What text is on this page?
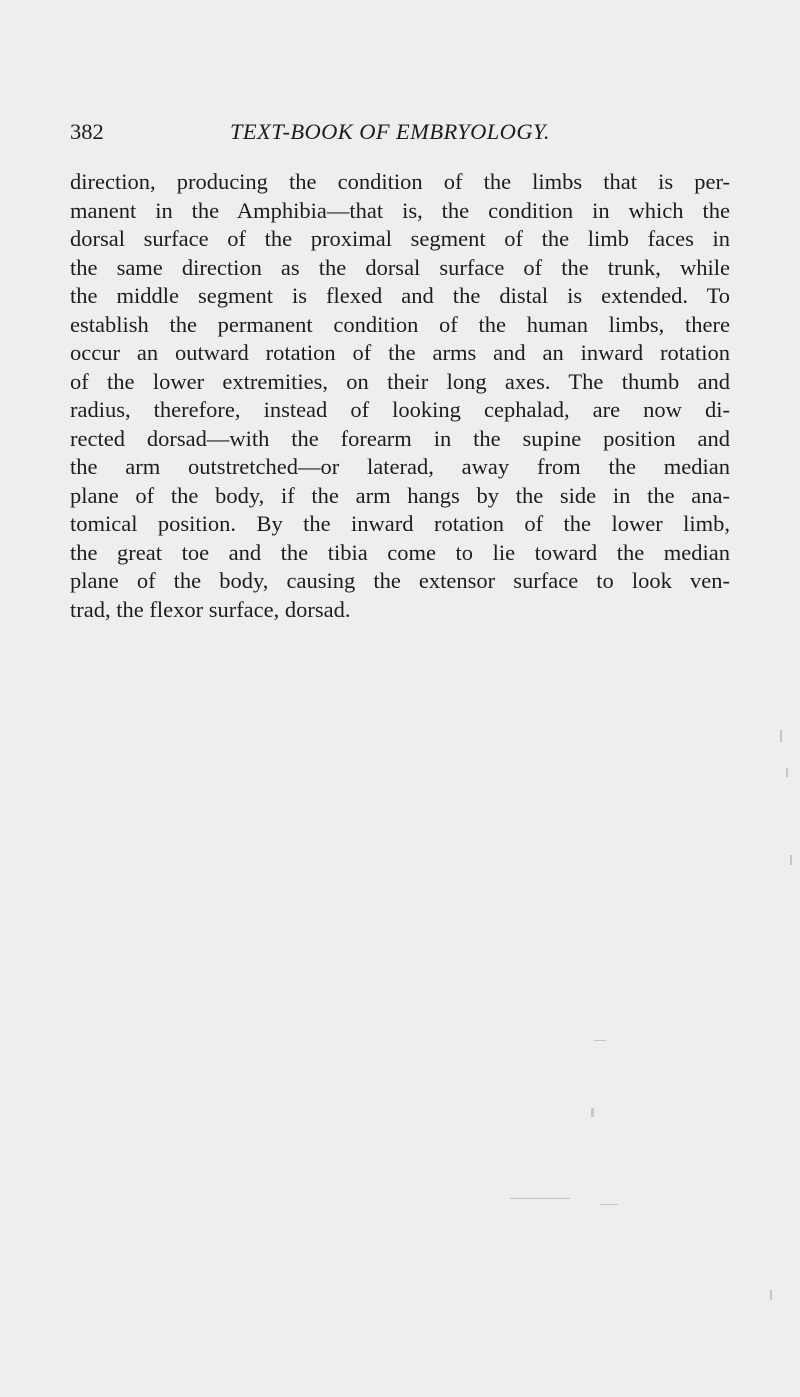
382	TEXT-BOOK OF EMBRYOLOGY.
direction, producing the condition of the limbs that is per-
manent in the Amphibia—that is, the condition in which the
dorsal surface of the proximal segment of the limb faces in
the same direction as the dorsal surface of the trunk, while
the middle segment is flexed and the distal is extended. To
establish the permanent condition of the human limbs, there
occur an outward rotation of the arms and an inward rotation
of the lower extremities, on their long axes. The thumb and
radius, therefore, instead of looking cephalad, are now di-
rected dorsad—with the forearm in the supine position and
the arm outstretched—or laterad, away from the median
plane of the body, if the arm hangs by the side in the ana-
tomical position. By the inward rotation of the lower limb,
the great toe and the tibia come to lie toward the median
plane of the body, causing the extensor surface to look ven-
trad, the flexor surface, dorsad.
